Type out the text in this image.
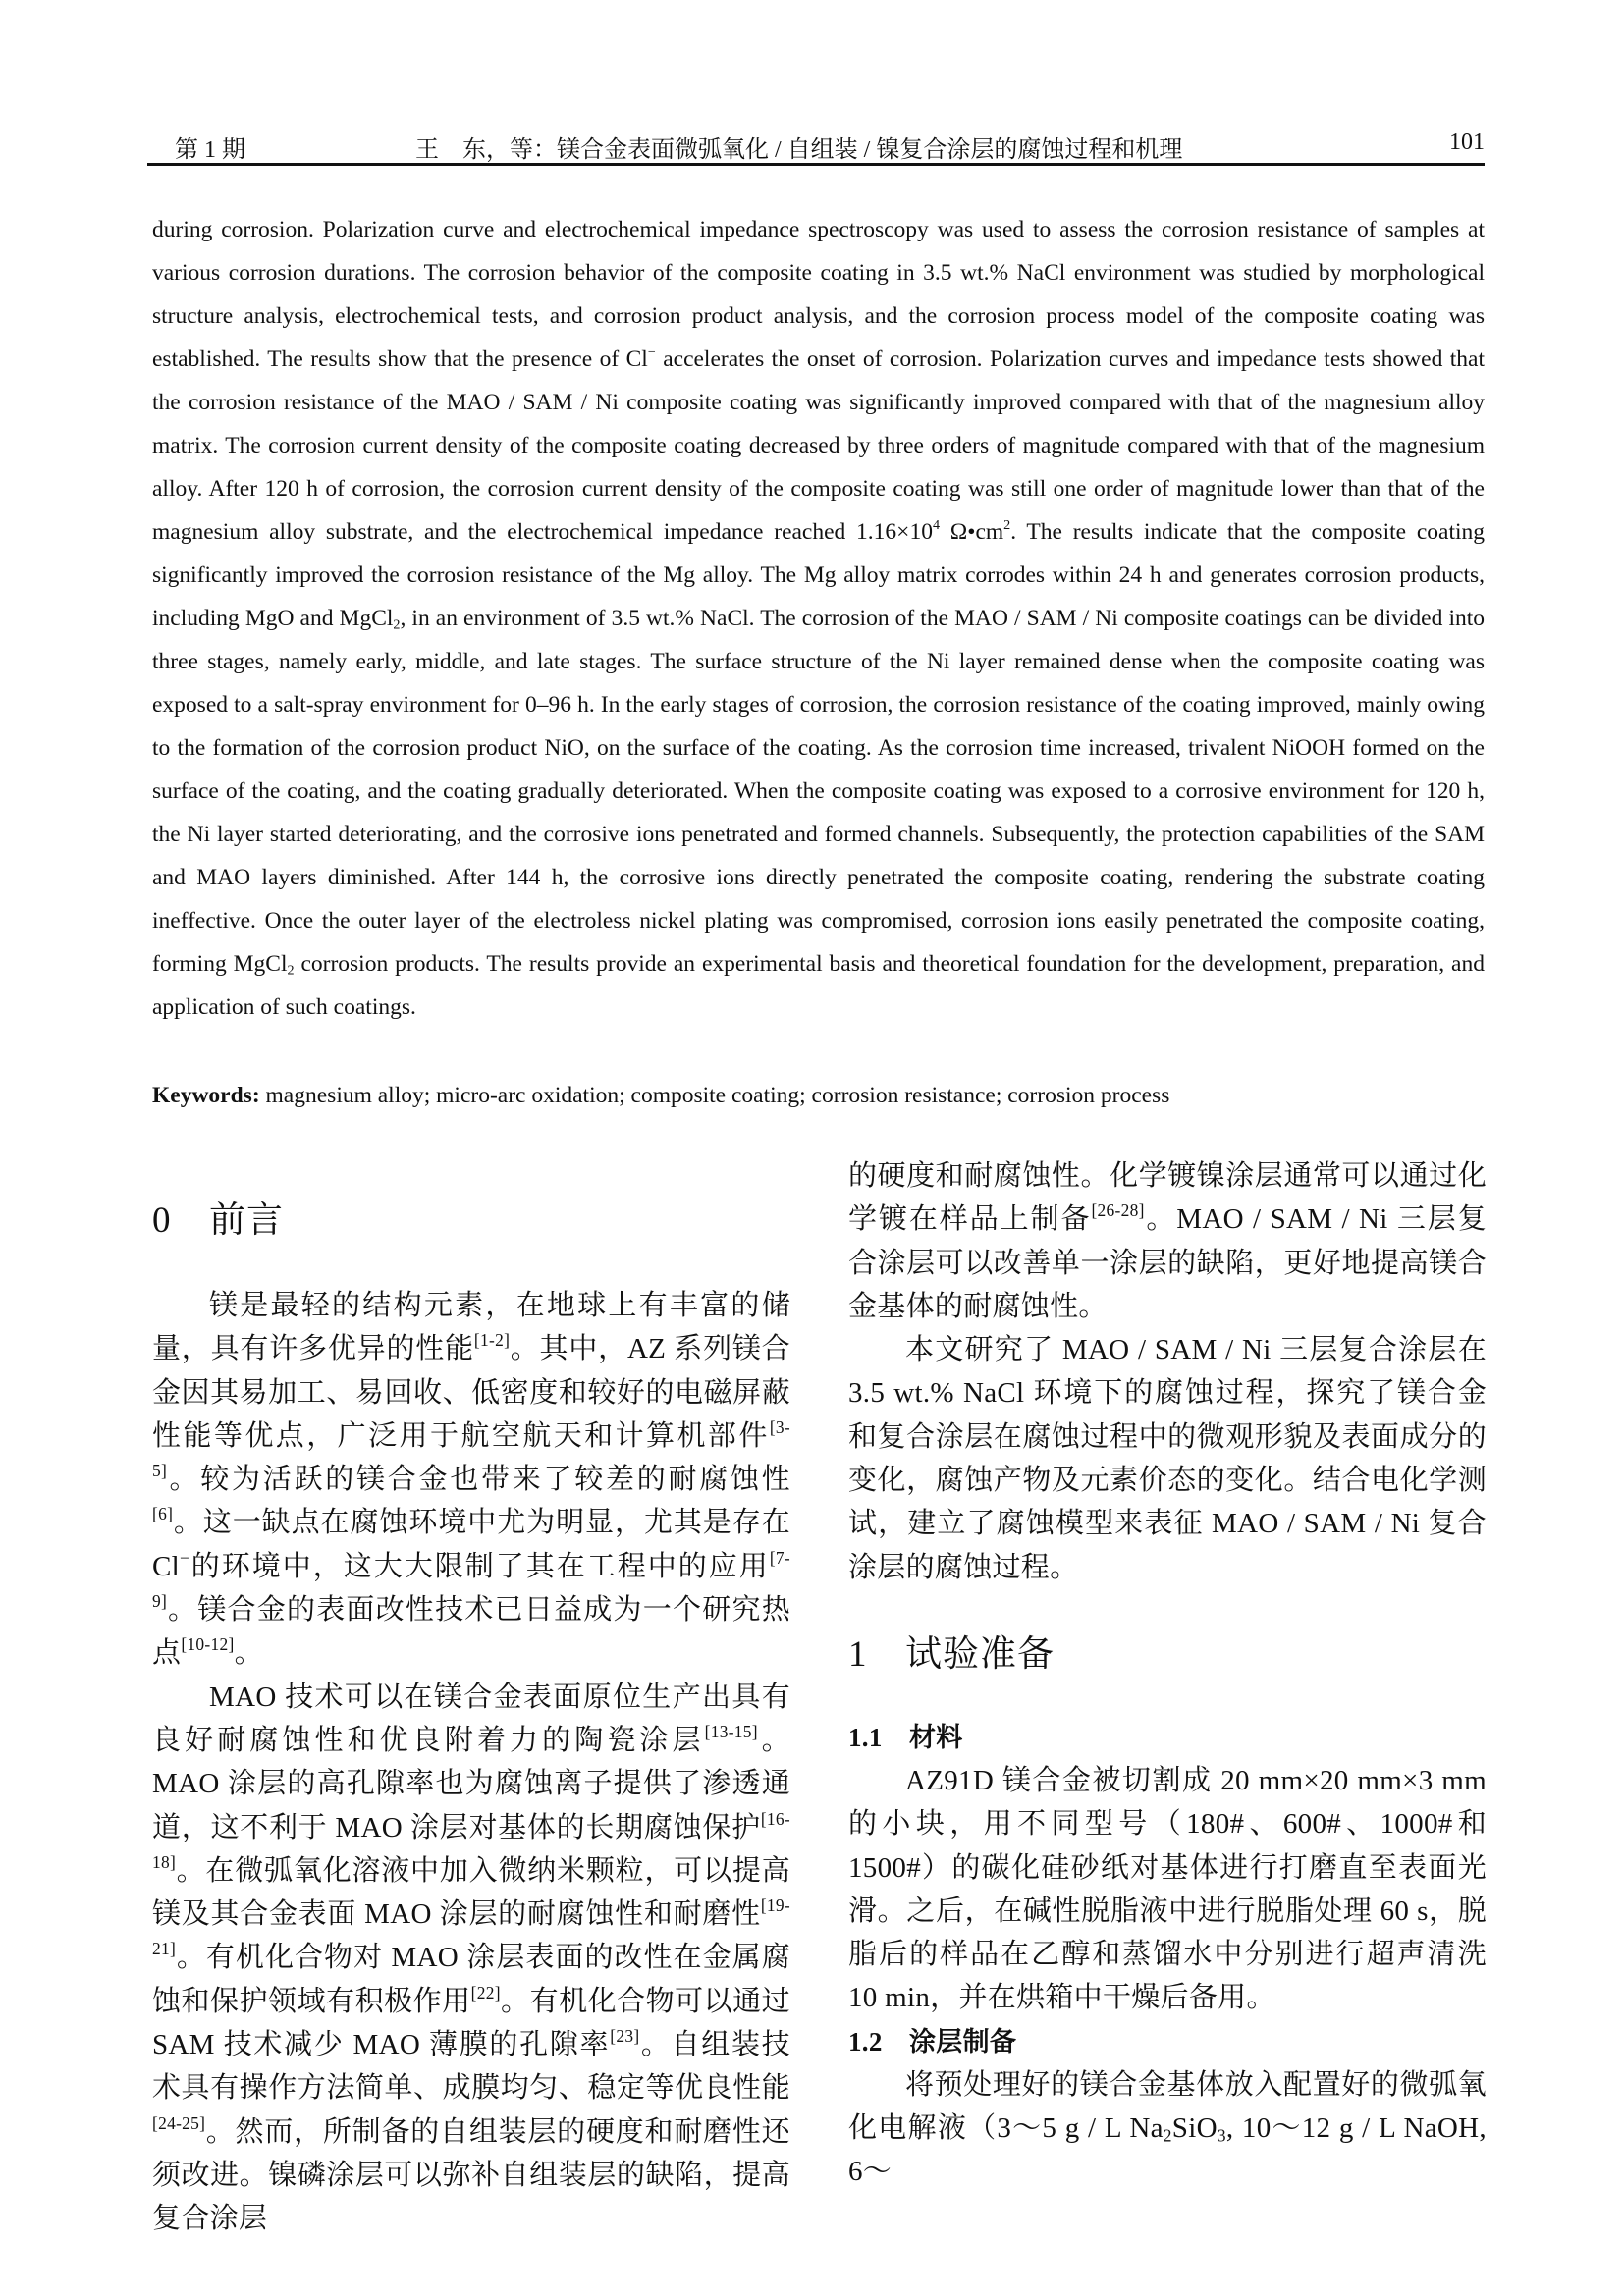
第 1 期	王　东，等：镁合金表面微弧氧化 / 自组装 / 镍复合涂层的腐蚀过程和机理	101
during corrosion. Polarization curve and electrochemical impedance spectroscopy was used to assess the corrosion resistance of samples at various corrosion durations. The corrosion behavior of the composite coating in 3.5 wt.% NaCl environment was studied by morphological structure analysis, electrochemical tests, and corrosion product analysis, and the corrosion process model of the composite coating was established. The results show that the presence of Cl− accelerates the onset of corrosion. Polarization curves and impedance tests showed that the corrosion resistance of the MAO / SAM / Ni composite coating was significantly improved compared with that of the magnesium alloy matrix. The corrosion current density of the composite coating decreased by three orders of magnitude compared with that of the magnesium alloy. After 120 h of corrosion, the corrosion current density of the composite coating was still one order of magnitude lower than that of the magnesium alloy substrate, and the electrochemical impedance reached $1.16\times 10^4$ $\Omega•cm^2$. The results indicate that the composite coating significantly improved the corrosion resistance of the Mg alloy. The Mg alloy matrix corrodes within 24 h and generates corrosion products, including MgO and MgCl$_2$, in an environment of 3.5 wt.% NaCl. The corrosion of the MAO / SAM / Ni composite coatings can be divided into three stages, namely early, middle, and late stages. The surface structure of the Ni layer remained dense when the composite coating was exposed to a salt-spray environment for 0–96 h. In the early stages of corrosion, the corrosion resistance of the coating improved, mainly owing to the formation of the corrosion product NiO, on the surface of the coating. As the corrosion time increased, trivalent NiOOH formed on the surface of the coating, and the coating gradually deteriorated. When the composite coating was exposed to a corrosive environment for 120 h, the Ni layer started deteriorating, and the corrosive ions penetrated and formed channels. Subsequently, the protection capabilities of the SAM and MAO layers diminished. After 144 h, the corrosive ions directly penetrated the composite coating, rendering the substrate coating ineffective. Once the outer layer of the electroless nickel plating was compromised, corrosion ions easily penetrated the composite coating, forming MgCl$_2$ corrosion products. The results provide an experimental basis and theoretical foundation for the development, preparation, and application of such coatings.
Keywords: magnesium alloy; micro-arc oxidation; composite coating; corrosion resistance; corrosion process
0 前言

镁是最轻的结构元素，在地球上有丰富的储量，具有许多优异的性能[1-2]。其中，AZ 系列镁合金因其易加工、易回收、低密度和较好的电磁屏蔽性能等优点，广泛用于航空航天和计算机部件[3-5]。较为活跃的镁合金也带来了较差的耐腐蚀性[6]。这一缺点在腐蚀环境中尤为明显，尤其是存在 Cl−的环境中，这大大限制了其在工程中的应用[7-9]。镁合金的表面改性技术已日益成为一个研究热点[10-12]。

MAO 技术可以在镁合金表面原位生产出具有良好耐腐蚀性和优良附着力的陶瓷涂层[13-15]。MAO 涂层的高孔隙率也为腐蚀离子提供了渗透通道，这不利于 MAO 涂层对基体的长期腐蚀保护[16-18]。在微弧氧化溶液中加入微纳米颗粒，可以提高镁及其合金表面 MAO 涂层的耐腐蚀性和耐磨性[19-21]。有机化合物对 MAO 涂层表面的改性在金属腐蚀和保护领域有积极作用[22]。有机化合物可以通过 SAM 技术减少 MAO 薄膜的孔隙率[23]。自组装技术具有操作方法简单、成膜均匀、稳定等优良性能[24-25]。然而，所制备的自组装层的硬度和耐磨性还须改进。镍磷涂层可以弥补自组装层的缺陷，提高复合涂层

的硬度和耐腐蚀性。化学镀镍涂层通常可以通过化学镀在样品上制备[26-28]。MAO / SAM / Ni 三层复合涂层可以改善单一涂层的缺陷，更好地提高镁合金基体的耐腐蚀性。

本文研究了 MAO / SAM / Ni 三层复合涂层在 3.5 wt.% NaCl 环境下的腐蚀过程，探究了镁合金和复合涂层在腐蚀过程中的微观形貌及表面成分的变化，腐蚀产物及元素价态的变化。结合电化学测试，建立了腐蚀模型来表征 MAO / SAM / Ni 复合涂层的腐蚀过程。

1 试验准备
1.1 材料

AZ91D 镁合金被切割成 20 mm×20 mm×3 mm 的小块，用不同型号（180#、600#、1000#和1500#）的碳化硅砂纸对基体进行打磨直至表面光滑。之后，在碱性脱脂液中进行脱脂处理 60 s，脱脂后的样品在乙醇和蒸馏水中分别进行超声清洗 10 min，并在烘箱中干燥后备用。

1.2 涂层制备

将预处理好的镁合金基体放入配置好的微弧氧化电解液（3～5 g / L $Na_2SiO_3$, 10～12 g / L NaOH, 6～
